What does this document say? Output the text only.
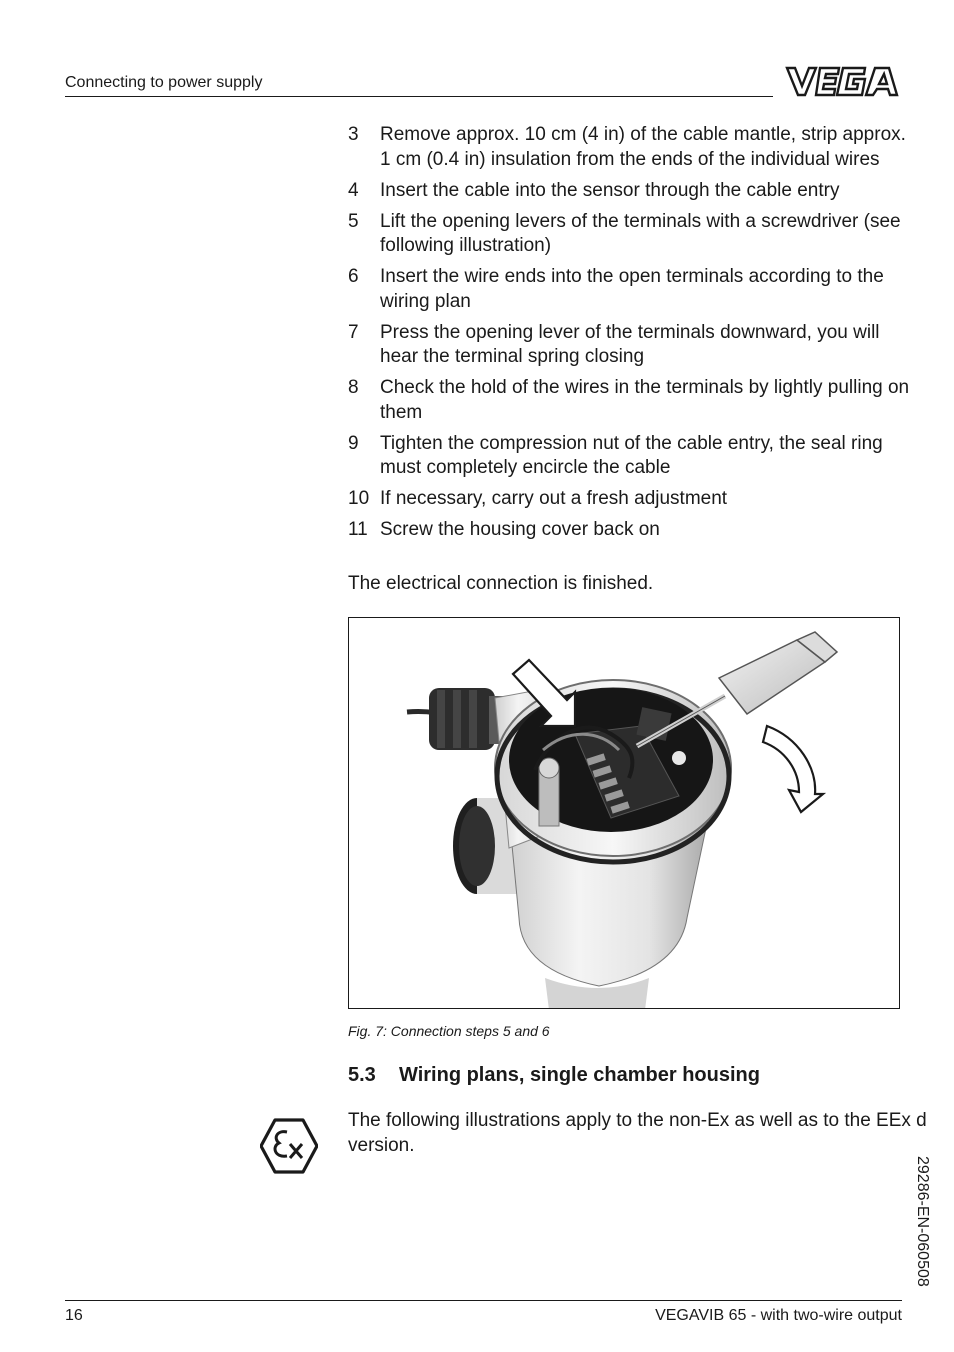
Connecting to power supply
3 Remove approx. 10 cm (4 in) of the cable mantle, strip approx. 1 cm (0.4 in) insulation from the ends of the individual wires
4 Insert the cable into the sensor through the cable entry
5 Lift the opening levers of the terminals with a screwdriver (see following illustration)
6 Insert the wire ends into the open terminals according to the wiring plan
7 Press the opening lever of the terminals downward, you will hear the terminal spring closing
8 Check the hold of the wires in the terminals by lightly pulling on them
9 Tighten the compression nut of the cable entry, the seal ring must completely encircle the cable
10 If necessary, carry out a fresh adjustment
11 Screw the housing cover back on
The electrical connection is finished.
Fig. 7: Connection steps 5 and 6
5.3 Wiring plans, single chamber housing
The following illustrations apply to the non-Ex as well as to the EEx d version.
29286-EN-060508
16	VEGAVIB 65 - with two-wire output
